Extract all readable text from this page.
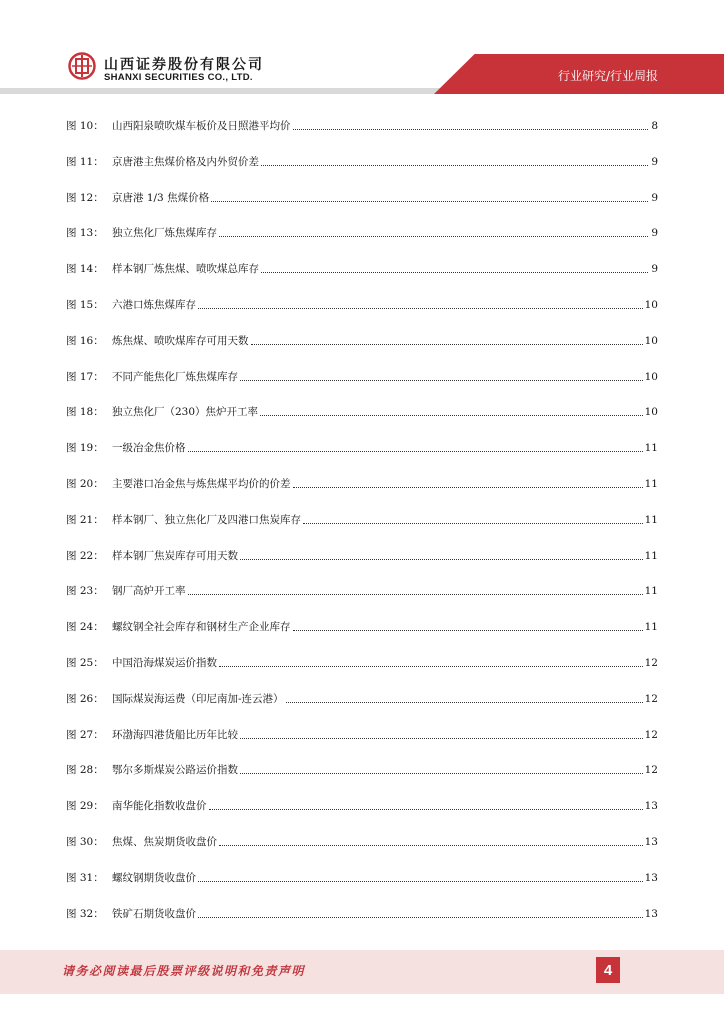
山西证券股份有限公司
SHANXI SECURITIES CO., LTD.	行业研究/行业周报
图 10： 山西阳泉喷吹煤车板价及日照港平均价	8
图 11： 京唐港主焦煤价格及内外贸价差	9
图 12： 京唐港 1/3 焦煤价格	9
图 13： 独立焦化厂炼焦煤库存	9
图 14： 样本钢厂炼焦煤、喷吹煤总库存	9
图 15： 六港口炼焦煤库存	10
图 16： 炼焦煤、喷吹煤库存可用天数	10
图 17： 不同产能焦化厂炼焦煤库存	10
图 18： 独立焦化厂（230）焦炉开工率	10
图 19： 一级冶金焦价格	11
图 20： 主要港口冶金焦与炼焦煤平均价的价差	11
图 21： 样本钢厂、独立焦化厂及四港口焦炭库存	11
图 22： 样本钢厂焦炭库存可用天数	11
图 23： 钢厂高炉开工率	11
图 24： 螺纹钢全社会库存和钢材生产企业库存	11
图 25： 中国沿海煤炭运价指数	12
图 26： 国际煤炭海运费（印尼南加-连云港）	12
图 27： 环渤海四港货船比历年比较	12
图 28： 鄂尔多斯煤炭公路运价指数	12
图 29： 南华能化指数收盘价	13
图 30： 焦煤、焦炭期货收盘价	13
图 31： 螺纹钢期货收盘价	13
图 32： 铁矿石期货收盘价	13
请务必阅读最后股票评级说明和免责声明	4
